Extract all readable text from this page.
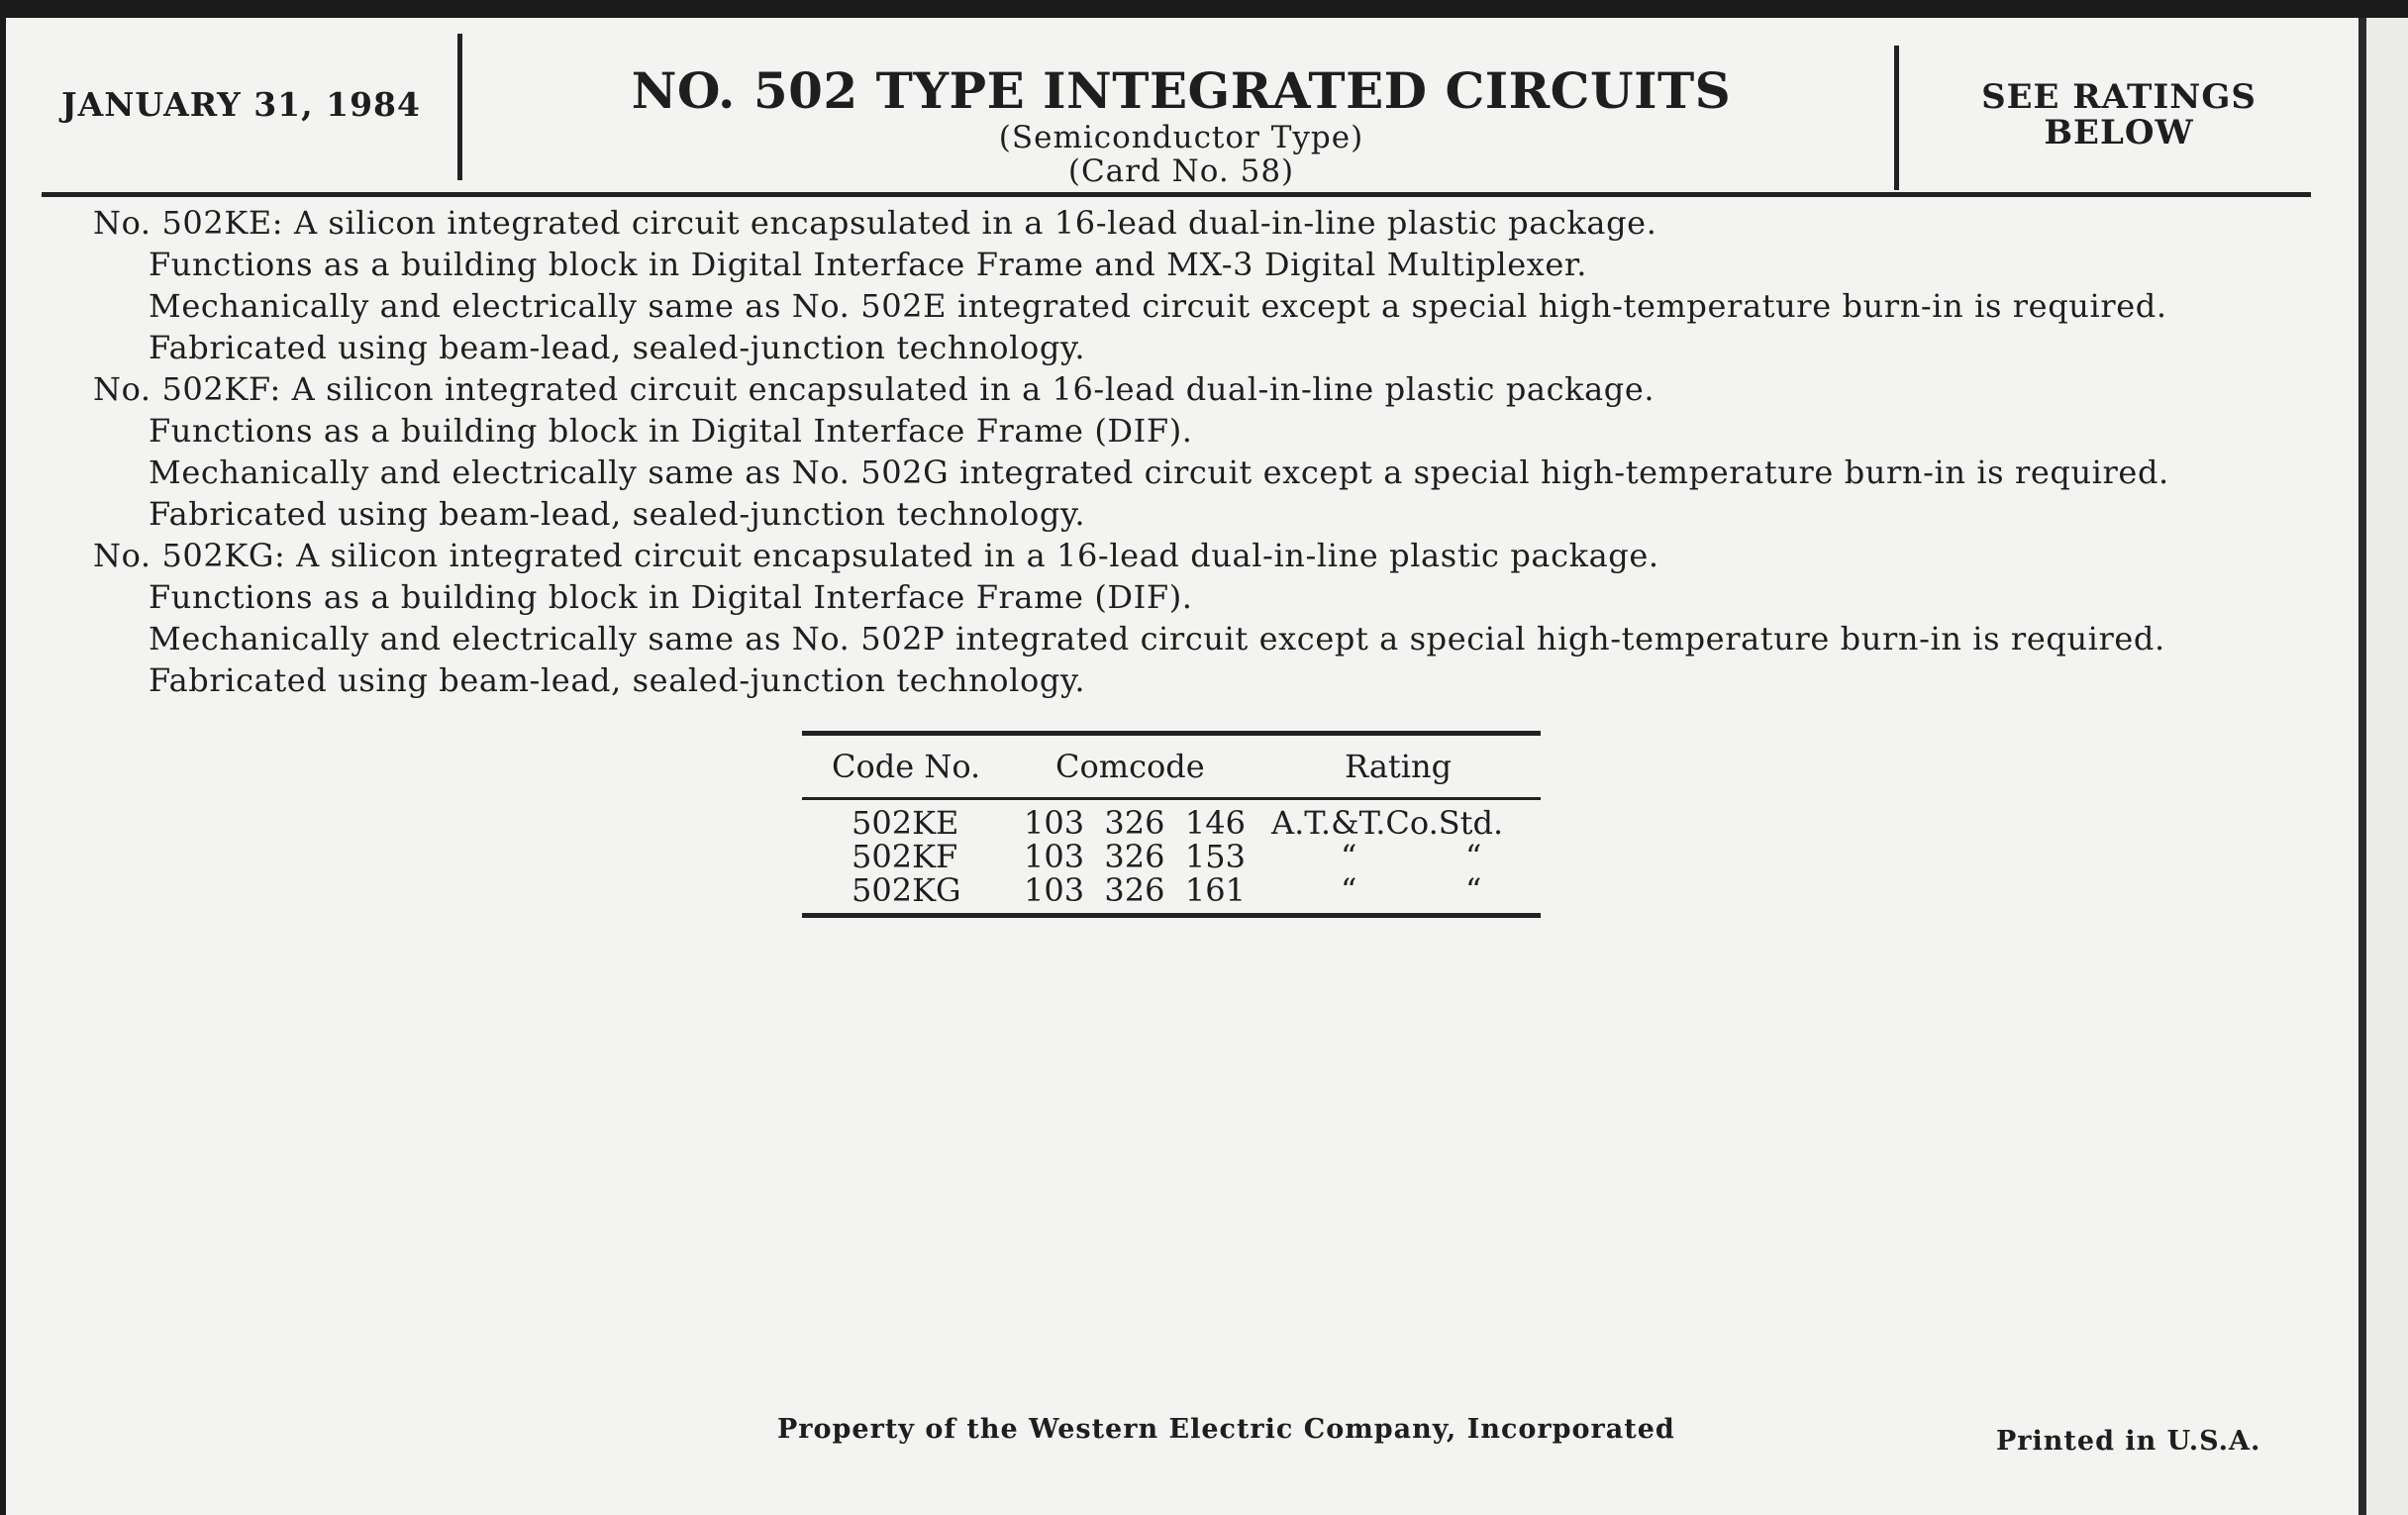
JANUARY 31, 1984	NO. 502 TYPE INTEGRATED CIRCUITS
(Semiconductor Type)
(Card No. 58)
SEE RATINGS
BELOW
No. 502KE: A silicon integrated circuit encapsulated in a 16-lead dual-in-line plastic package.
Functions as a building block in Digital Interface Frame and MX-3 Digital Multiplexer.
Mechanically and electrically same as No. 502E integrated circuit except a special high-temperature burn-in is required.
Fabricated using beam-lead, sealed-junction technology.
No. 502KF: A silicon integrated circuit encapsulated in a 16-lead dual-in-line plastic package.
Functions as a building block in Digital Interface Frame (DIF).
Mechanically and electrically same as No. 502G integrated circuit except a special high-temperature burn-in is required.
Fabricated using beam-lead, sealed-junction technology.
No. 502KG: A silicon integrated circuit encapsulated in a 16-lead dual-in-line plastic package.
Functions as a building block in Digital Interface Frame (DIF).
Mechanically and electrically same as No. 502P integrated circuit except a special high-temperature burn-in is required.
Fabricated using beam-lead, sealed-junction technology.
Code No. Comcode	Rating
502KE 103  326  146 A.T.&T.Co.Std.
502KF 103  326  153	“	“
502KG 103  326  161	“	“
Property of the Western Electric Company, Incorporated	Printed in U.S.A.
